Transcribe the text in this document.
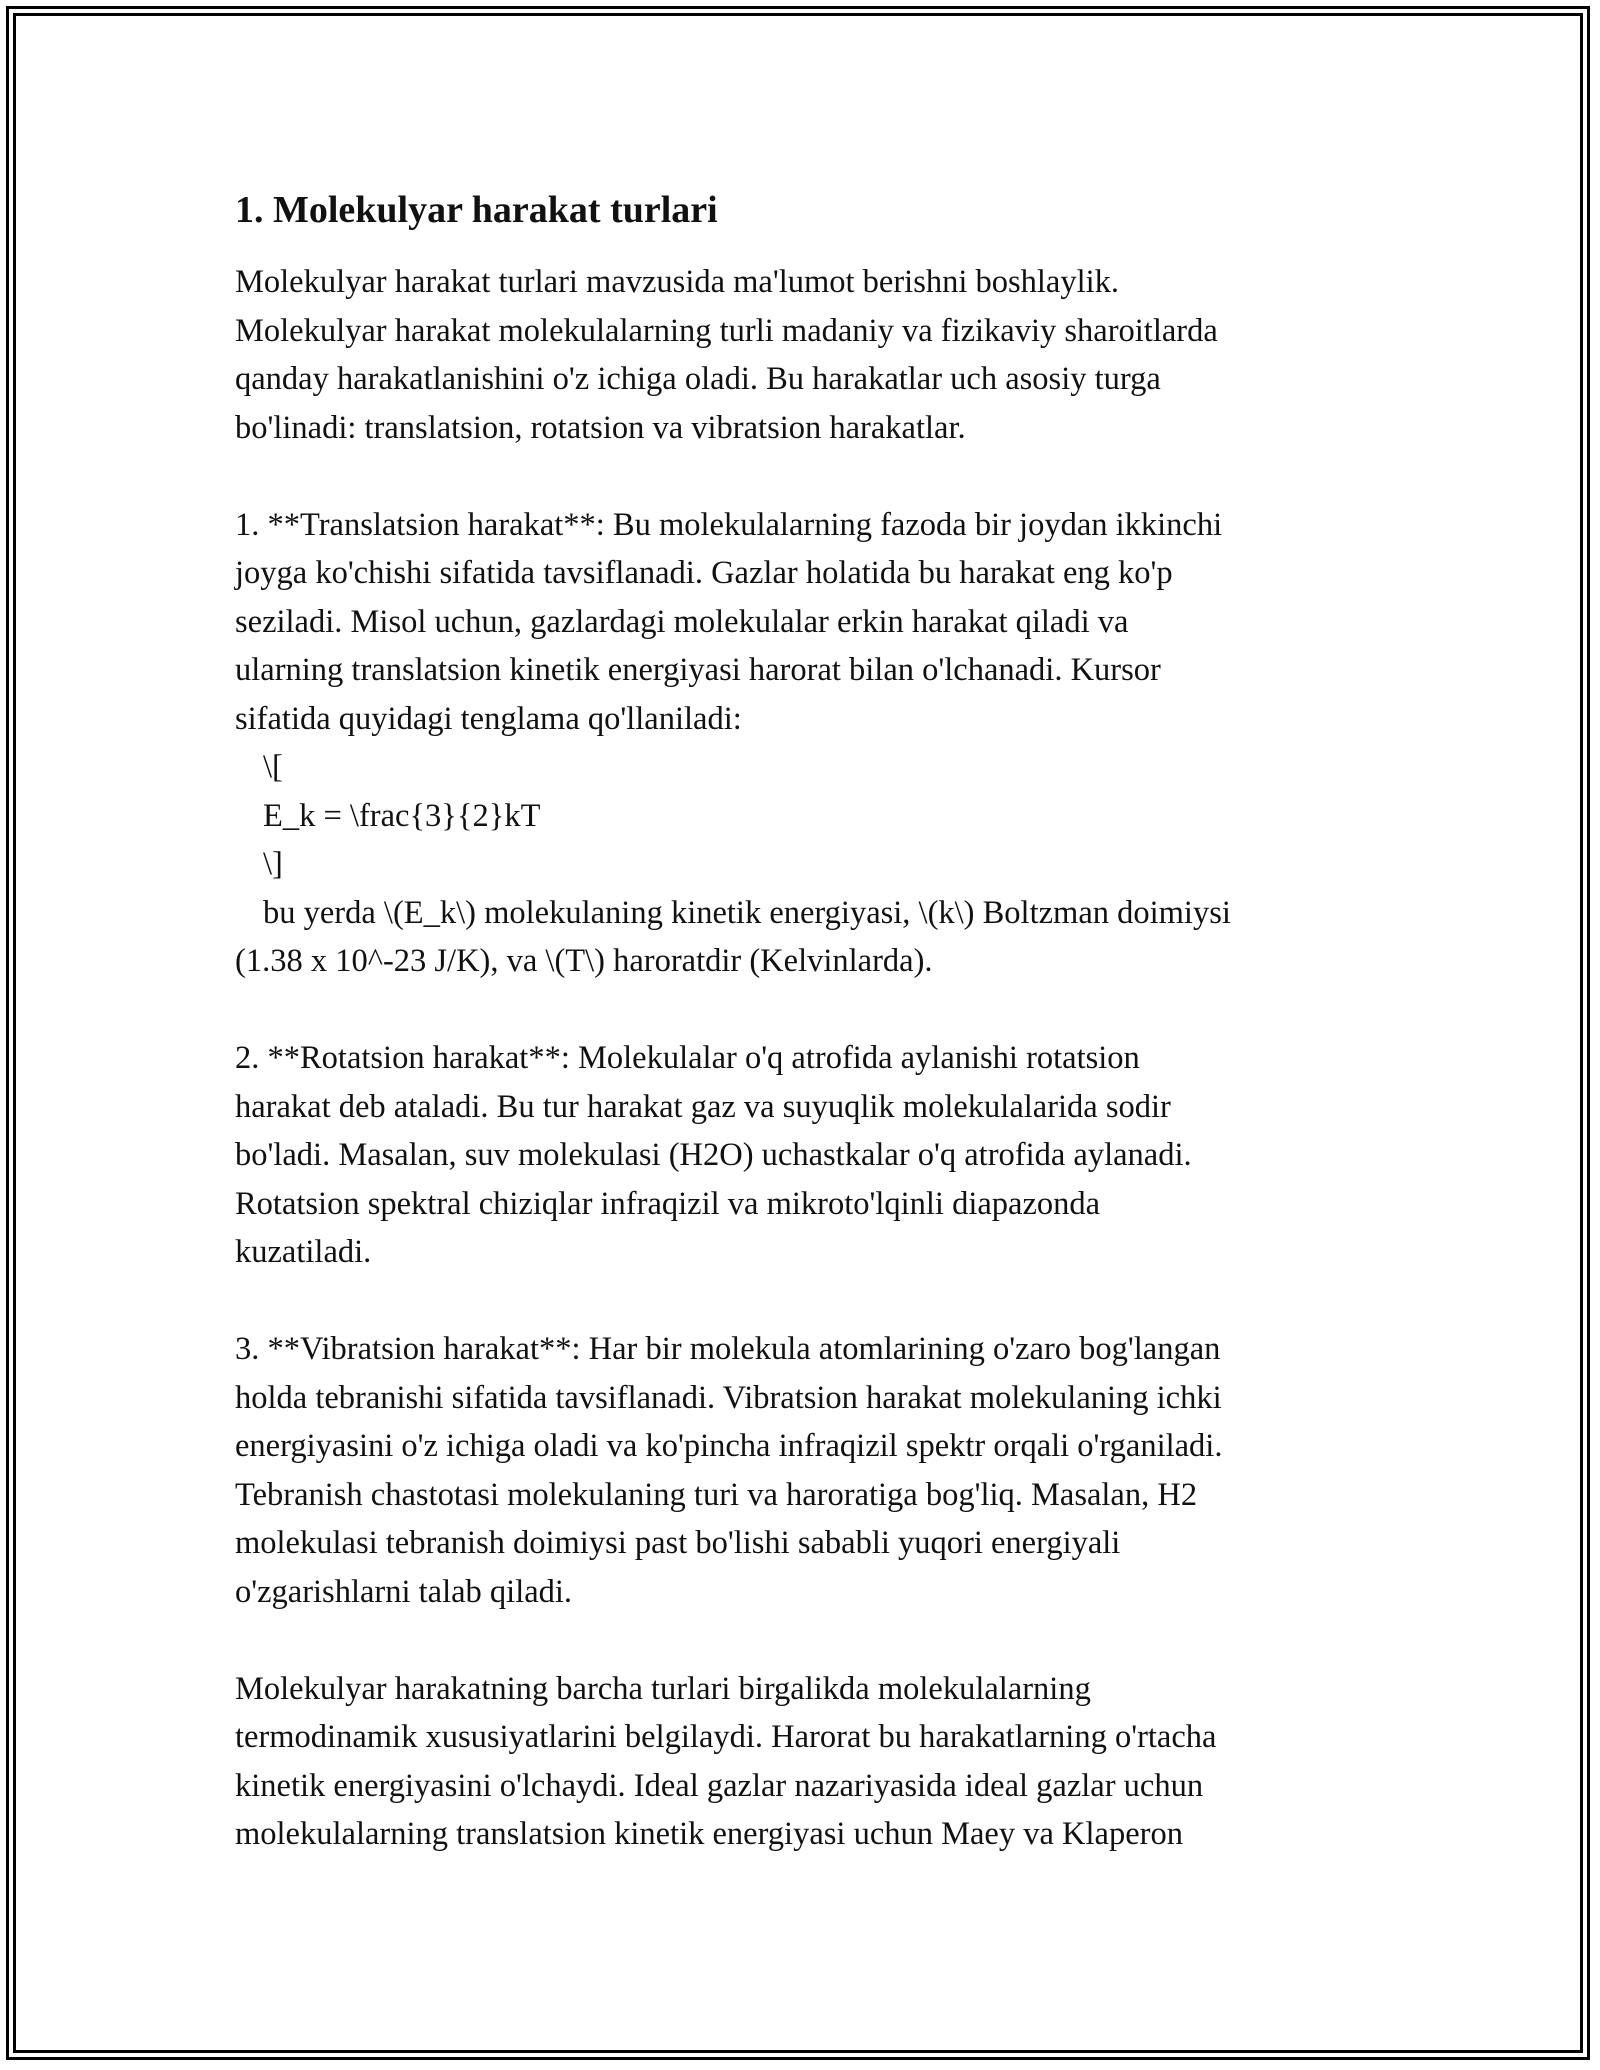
1. Molekulyar harakat turlari
Molekulyar harakat turlari mavzusida ma'lumot berishni boshlaylik.
Molekulyar harakat molekulalarning turli madaniy va fizikaviy sharoitlarda
qanday harakatlanishini o'z ichiga oladi. Bu harakatlar uch asosiy turga
bo'linadi: translatsion, rotatsion va vibratsion harakatlar.
1. **Translatsion harakat**: Bu molekulalarning fazoda bir joydan ikkinchi
joyga ko'chishi sifatida tavsiflanadi. Gazlar holatida bu harakat eng ko'p
seziladi. Misol uchun, gazlardagi molekulalar erkin harakat qiladi va
ularning translatsion kinetik energiyasi harorat bilan o'lchanadi. Kursor
sifatida quyidagi tenglama qo'llaniladi:
\[
E_k = \frac{3}{2}kT
\]
bu yerda \(E_k\) molekulaning kinetik energiyasi, \(k\) Boltzman doimiysi
(1.38 x 10^-23 J/K), va \(T\) haroratdir (Kelvinlarda).
2. **Rotatsion harakat**: Molekulalar o'q atrofida aylanishi rotatsion
harakat deb ataladi. Bu tur harakat gaz va suyuqlik molekulalarida sodir
bo'ladi. Masalan, suv molekulasi (H2O) uchastkalar o'q atrofida aylanadi.
Rotatsion spektral chiziqlar infraqizil va mikroto'lqinli diapazonda
kuzatiladi.
3. **Vibratsion harakat**: Har bir molekula atomlarining o'zaro bog'langan
holda tebranishi sifatida tavsiflanadi. Vibratsion harakat molekulaning ichki
energiyasini o'z ichiga oladi va ko'pincha infraqizil spektr orqali o'rganiladi.
Tebranish chastotasi molekulaning turi va haroratiga bog'liq. Masalan, H2
molekulasi tebranish doimiysi past bo'lishi sababli yuqori energiyali
o'zgarishlarni talab qiladi.
Molekulyar harakatning barcha turlari birgalikda molekulalarning
termodinamik xususiyatlarini belgilaydi. Harorat bu harakatlarning o'rtacha
kinetik energiyasini o'lchaydi. Ideal gazlar nazariyasida ideal gazlar uchun
molekulalarning translatsion kinetik energiyasi uchun Maey va Klaperon
